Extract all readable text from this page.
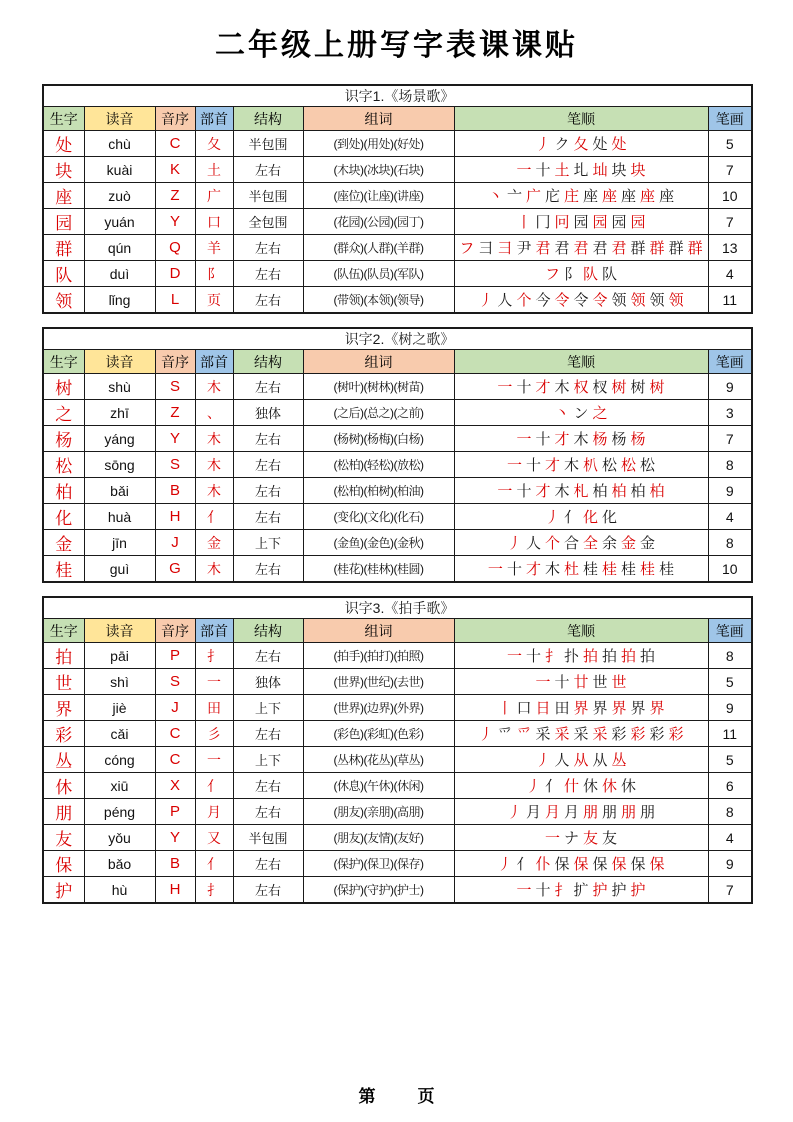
二年级上册写字表课课贴
识字1.《场景歌》							
生字	读音	音序	部首	结构	组词	笔顺	笔画
处	chù	C	夂	半包围	(到处)(用处)(好处)	丿 ク 夂 处 处	5
块	kuài	K	土	左右	(木块)(冰块)(石块)	一 十 土 圠 圸 块 块	7
座	zuò	Z	广	半包围	(座位)(让座)(讲座)	丶 亠 广 庀 庄 座 座 座 座 座	10
园	yuán	Y	口	全包围	(花园)(公园)(园丁)	丨 冂 冋 园 园 园 园	7
群	qún	Q	羊	左右	(群众)(人群)(羊群)	フ 彐 彐 尹 君 君 君 君 君 群 群 群 群	13
队	duì	D	阝	左右	(队伍)(队员)(军队)	フ 阝 队 队	4
领	lǐng	L	页	左右	(带领)(本领)(领导)	丿 人 个 今 令 令 令 领 领 领 领	11
识字2.《树之歌》							
生字	读音	音序	部首	结构	组词	笔顺	笔画
树	shù	S	木	左右	(树叶)(树林)(树苗)	一 十 才 木 权 杈 树 树 树	9
之	zhī	Z	、	独体	(之后)(总之)(之前)	丶 ン 之	3
杨	yáng	Y	木	左右	(杨树)(杨梅)(白杨)	一 十 才 木 杨 杨 杨	7
松	sōng	S	木	左右	(松柏)(轻松)(放松)	一 十 才 木 朳 松 松 松	8
柏	bǎi	B	木	左右	(松柏)(柏树)(柏油)	一 十 才 木 札 柏 柏 柏 柏	9
化	huà	H	亻	左右	(变化)(文化)(化石)	丿 亻 化 化	4
金	jīn	J	金	上下	(金鱼)(金色)(金秋)	丿 人 个 合 全 余 金 金	8
桂	guì	G	木	左右	(桂花)(桂林)(桂圆)	一 十 才 木 杜 桂 桂 桂 桂 桂	10
识字3.《拍手歌》							
生字	读音	音序	部首	结构	组词	笔顺	笔画
拍	pāi	P	扌	左右	(拍手)(拍打)(拍照)	一 十 扌 扑 拍 拍 拍 拍	8
世	shì	S	一	独体	(世界)(世纪)(去世)	一 十 廿 世 世	5
界	jiè	J	田	上下	(世界)(边界)(外界)	丨 口 日 田 界 界 界 界 界	9
彩	cǎi	C	彡	左右	(彩色)(彩虹)(色彩)	丿 爫 爫 采 采 采 采 彩 彩 彩 彩	11
丛	cóng	C	一	上下	(丛林)(花丛)(草丛)	丿 人 从 从 丛	5
休	xiū	X	亻	左右	(休息)(午休)(休闲)	丿 亻 什 休 休 休	6
朋	péng	P	月	左右	(朋友)(亲朋)(高朋)	丿 月 月 月 朋 朋 朋 朋	8
友	yǒu	Y	又	半包围	(朋友)(友情)(友好)	一 ナ 友 友	4
保	bǎo	B	亻	左右	(保护)(保卫)(保存)	丿 亻 仆 保 保 保 保 保 保	9
护	hù	H	扌	左右	(保护)(守护)(护士)	一 十 扌 扩 护 护 护	7
第 页
